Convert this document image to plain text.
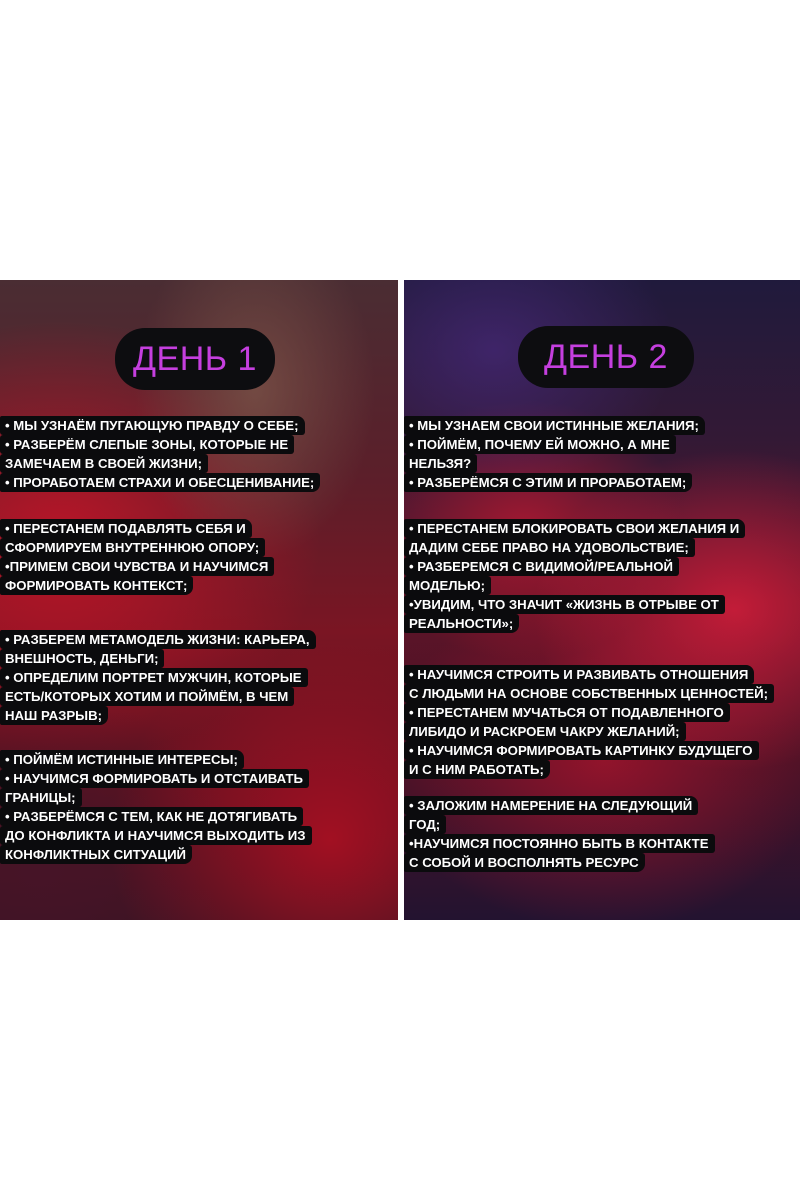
ДЕНЬ 1
• МЫ УЗНАЁМ ПУГАЮЩУЮ ПРАВДУ О СЕБЕ;
• РАЗБЕРЁМ СЛЕПЫЕ ЗОНЫ, КОТОРЫЕ НЕ
ЗАМЕЧАЕМ В СВОЕЙ ЖИЗНИ;
• ПРОРАБОТАЕМ СТРАХИ И ОБЕСЦЕНИВАНИЕ;
• ПЕРЕСТАНЕМ ПОДАВЛЯТЬ СЕБЯ И
СФОРМИРУЕМ ВНУТРЕННЮЮ ОПОРУ;
•ПРИМЕМ СВОИ ЧУВСТВА И НАУЧИМСЯ
ФОРМИРОВАТЬ КОНТЕКСТ;
• РАЗБЕРЕМ МЕТАМОДЕЛЬ ЖИЗНИ: КАРЬЕРА,
ВНЕШНОСТЬ, ДЕНЬГИ;
• ОПРЕДЕЛИМ ПОРТРЕТ МУЖЧИН, КОТОРЫЕ
ЕСТЬ/КОТОРЫХ ХОТИМ И ПОЙМЁМ, В ЧЕМ
НАШ РАЗРЫВ;
• ПОЙМЁМ ИСТИННЫЕ ИНТЕРЕСЫ;
• НАУЧИМСЯ ФОРМИРОВАТЬ И ОТСТАИВАТЬ
ГРАНИЦЫ;
• РАЗБЕРЁМСЯ С ТЕМ, КАК НЕ ДОТЯГИВАТЬ
ДО КОНФЛИКТА И НАУЧИМСЯ ВЫХОДИТЬ ИЗ
КОНФЛИКТНЫХ СИТУАЦИЙ
ДЕНЬ 2
• МЫ УЗНАЕМ СВОИ ИСТИННЫЕ ЖЕЛАНИЯ;
• ПОЙМЁМ, ПОЧЕМУ ЕЙ МОЖНО, А МНЕ
НЕЛЬЗЯ?
• РАЗБЕРЁМСЯ С ЭТИМ И ПРОРАБОТАЕМ;
• ПЕРЕСТАНЕМ БЛОКИРОВАТЬ СВОИ ЖЕЛАНИЯ И
ДАДИМ СЕБЕ ПРАВО НА УДОВОЛЬСТВИЕ;
• РАЗБЕРЕМСЯ С ВИДИМОЙ/РЕАЛЬНОЙ
МОДЕЛЬЮ;
•УВИДИМ, ЧТО ЗНАЧИТ «ЖИЗНЬ В ОТРЫВЕ ОТ
РЕАЛЬНОСТИ»;
• НАУЧИМСЯ СТРОИТЬ И РАЗВИВАТЬ ОТНОШЕНИЯ
С ЛЮДЬМИ НА ОСНОВЕ СОБСТВЕННЫХ ЦЕННОСТЕЙ;
• ПЕРЕСТАНЕМ МУЧАТЬСЯ ОТ ПОДАВЛЕННОГО
ЛИБИДО И РАСКРОЕМ ЧАКРУ ЖЕЛАНИЙ;
• НАУЧИМСЯ ФОРМИРОВАТЬ КАРТИНКУ БУДУЩЕГО
И С НИМ РАБОТАТЬ;
• ЗАЛОЖИМ НАМЕРЕНИЕ НА СЛЕДУЮЩИЙ
ГОД;
•НАУЧИМСЯ ПОСТОЯННО БЫТЬ В КОНТАКТЕ
С СОБОЙ И ВОСПОЛНЯТЬ РЕСУРС
